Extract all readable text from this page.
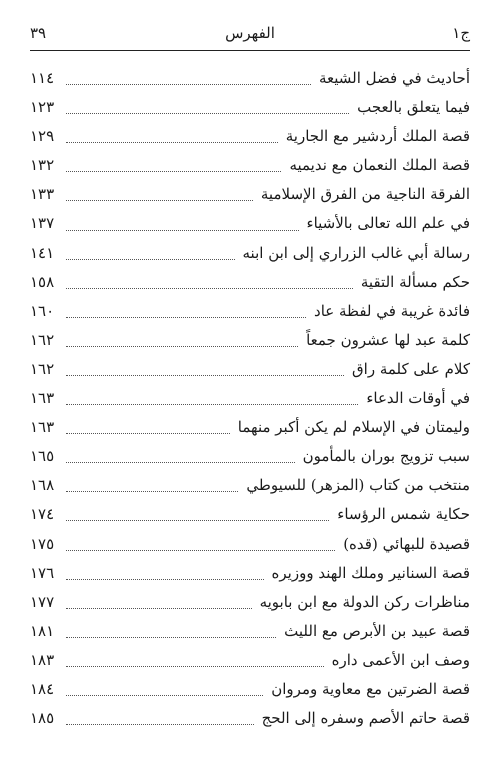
ج١
الفهرس
٣٩
أحاديث في فضل الشيعة
١١٤
فيما يتعلق بالعجب
١٢٣
قصة الملك أردشير مع الجارية
١٢٩
قصة الملك النعمان مع نديميه
١٣٢
الفرقة الناجية من الفرق الإسلامية
١٣٣
في علم الله تعالى بالأشياء
١٣٧
رسالة أبي غالب الزراري إلى ابن ابنه
١٤١
حكم مسألة التقية
١٥٨
فائدة غريبة في لفظة عاد
١٦٠
كلمة عبد لها عشرون جمعاً
١٦٢
كلام على كلمة راق
١٦٢
في أوقات الدعاء
١٦٣
وليمتان في الإسلام لم يكن أكبر منهما
١٦٣
سبب تزويج بوران بالمأمون
١٦٥
منتخب من كتاب (المزهر) للسيوطي
١٦٨
حكاية شمس الرؤساء
١٧٤
قصيدة للبهائي (قده)
١٧٥
قصة السنانير وملك الهند ووزيره
١٧٦
مناظرات ركن الدولة مع ابن بابويه
١٧٧
قصة عبيد بن الأبرص مع الليث
١٨١
وصف ابن الأعمى داره
١٨٣
قصة الضرتين مع معاوية ومروان
١٨٤
قصة حاتم الأصم وسفره إلى الحج
١٨٥
